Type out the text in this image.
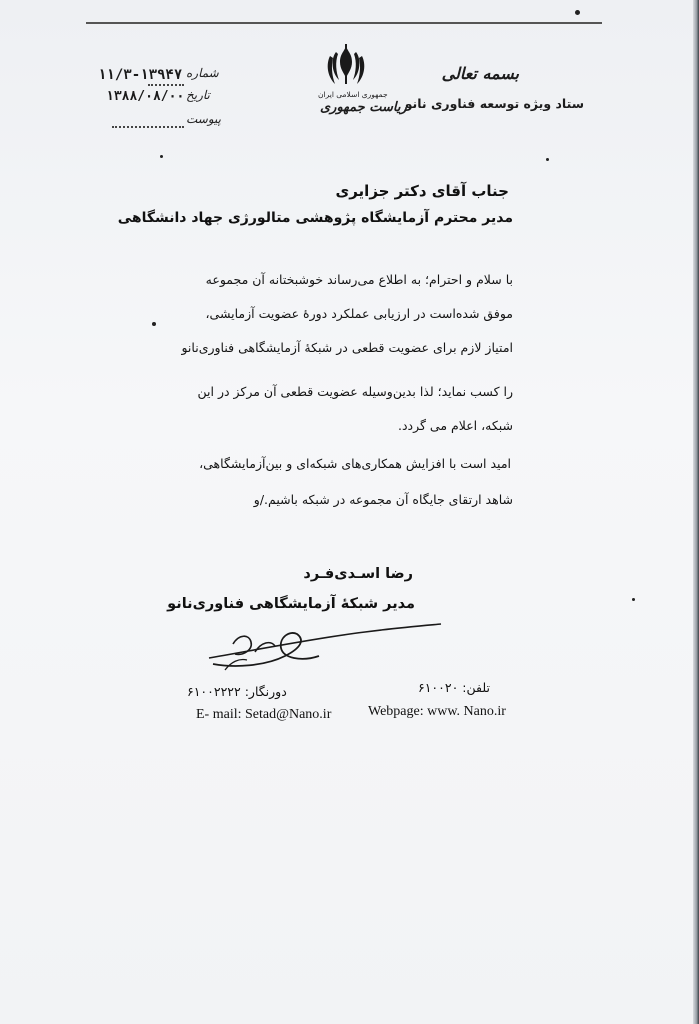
بسمه تعالی
ستاد ویژه توسعه فناوری نانو
جمهوری اسلامی ایران
ریاست جمهوری
شماره
۱۱/۳-۱۳۹۴۷
تاریخ
۱۳۸۸/۰۸/۰۰
پیوست
جناب آقای دکتر جزایری
مدیر محترم آزمایشگاه پژوهشی متالورژی جهاد دانشگاهی
با سلام و احترام؛ به اطلاع می‌رساند خوشبختانه آن مجموعه
موفق شده‌است در ارزیابی عملکرد دورهٔ عضویت آزمایشی،
امتیاز لازم برای عضویت قطعی در شبکهٔ آزمایشگاهی فناوری‌نانو
را کسب نماید؛ لذا بدین‌وسیله عضویت قطعی آن مرکز در این
شبکه، اعلام می گردد.
امید است با افزایش همکاری‌های شبکه‌ای و بین‌آزمایشگاهی،
شاهد ارتقای جایگاه آن مجموعه در شبکه باشیم./و
رضا اسـدی‌فـرد
مدیر شبکهٔ آزمایشگاهی فناوری‌نانو
تلفن: ۶۱۰۰۲۰
دورنگار: ۶۱۰۰۲۲۲۲
Webpage: www. Nano.ir
E- mail: Setad@Nano.ir
